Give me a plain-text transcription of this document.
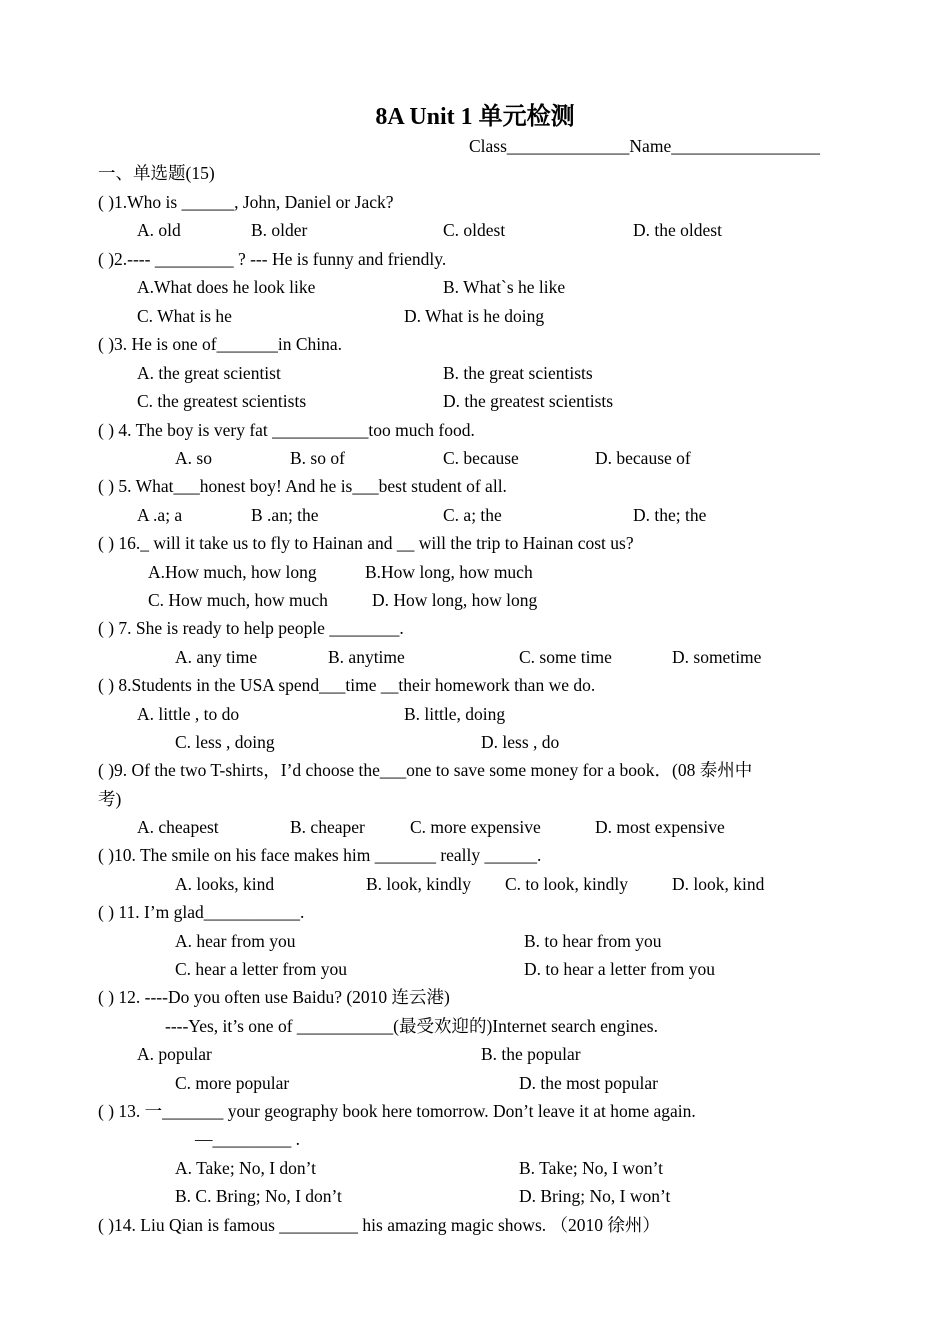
8A Unit 1 单元检测
Class______________Name_________________
一、单选题(15)
( )1.Who is ______, John, Daniel or Jack?
A. old	B. older	C. oldest	D. the oldest
( )2.---- _________ ? --- He is funny and friendly.
A.What does he look like	B. What`s he like
C. What is he	D. What is he doing
( )3. He is one of_______in China.
A. the great scientist	B. the great scientists
C. the greatest scientists	D. the greatest scientists
( ) 4. The boy is very fat ___________too much food.
A. so	B. so of	C. because	D. because of
( ) 5. What___honest boy! And he is___best student of all.
A .a; a	B .an; the	C. a; the	D. the; the
( ) 16._ will it take us to fly to Hainan and __ will the trip to Hainan cost us?
A.How much, how long	B.How long, how much
C. How much, how much	D. How long, how long
( ) 7. She is ready to help people ________.
A. any time	B. anytime	C. some time	D. sometime
( ) 8.Students in the USA spend___time __their homework than we do.
A. little , to do	B. little, doing
C. less , doing	D. less , do
( )9. Of the two T-shirts，I’d choose the___one to save some money for a book．(08 泰州中
考)
A. cheapest	B. cheaper	C. more expensive	D. most expensive
( )10. The smile on his face makes him _______ really ______.
A. looks, kind	B. look, kindly C. to look, kindly	D. look, kind
( ) 11. I’m glad___________.
A. hear from you	B. to hear from you
C. hear a letter from you	D. to hear a letter from you
( ) 12. ----Do you often use Baidu? (2010 连云港)
----Yes, it’s one of ___________(最受欢迎的)Internet search engines.
A. popular	B. the popular
C. more popular	D. the most popular
( ) 13. 一_______ your geography book here tomorrow. Don’t leave it at home again.
—_________ .
A. Take; No, I don’t	B. Take; No, I won’t
B. C. Bring; No, I don’t	D. Bring; No, I won’t
( )14. Liu Qian is famous _________ his amazing magic shows. （2010 徐州）
